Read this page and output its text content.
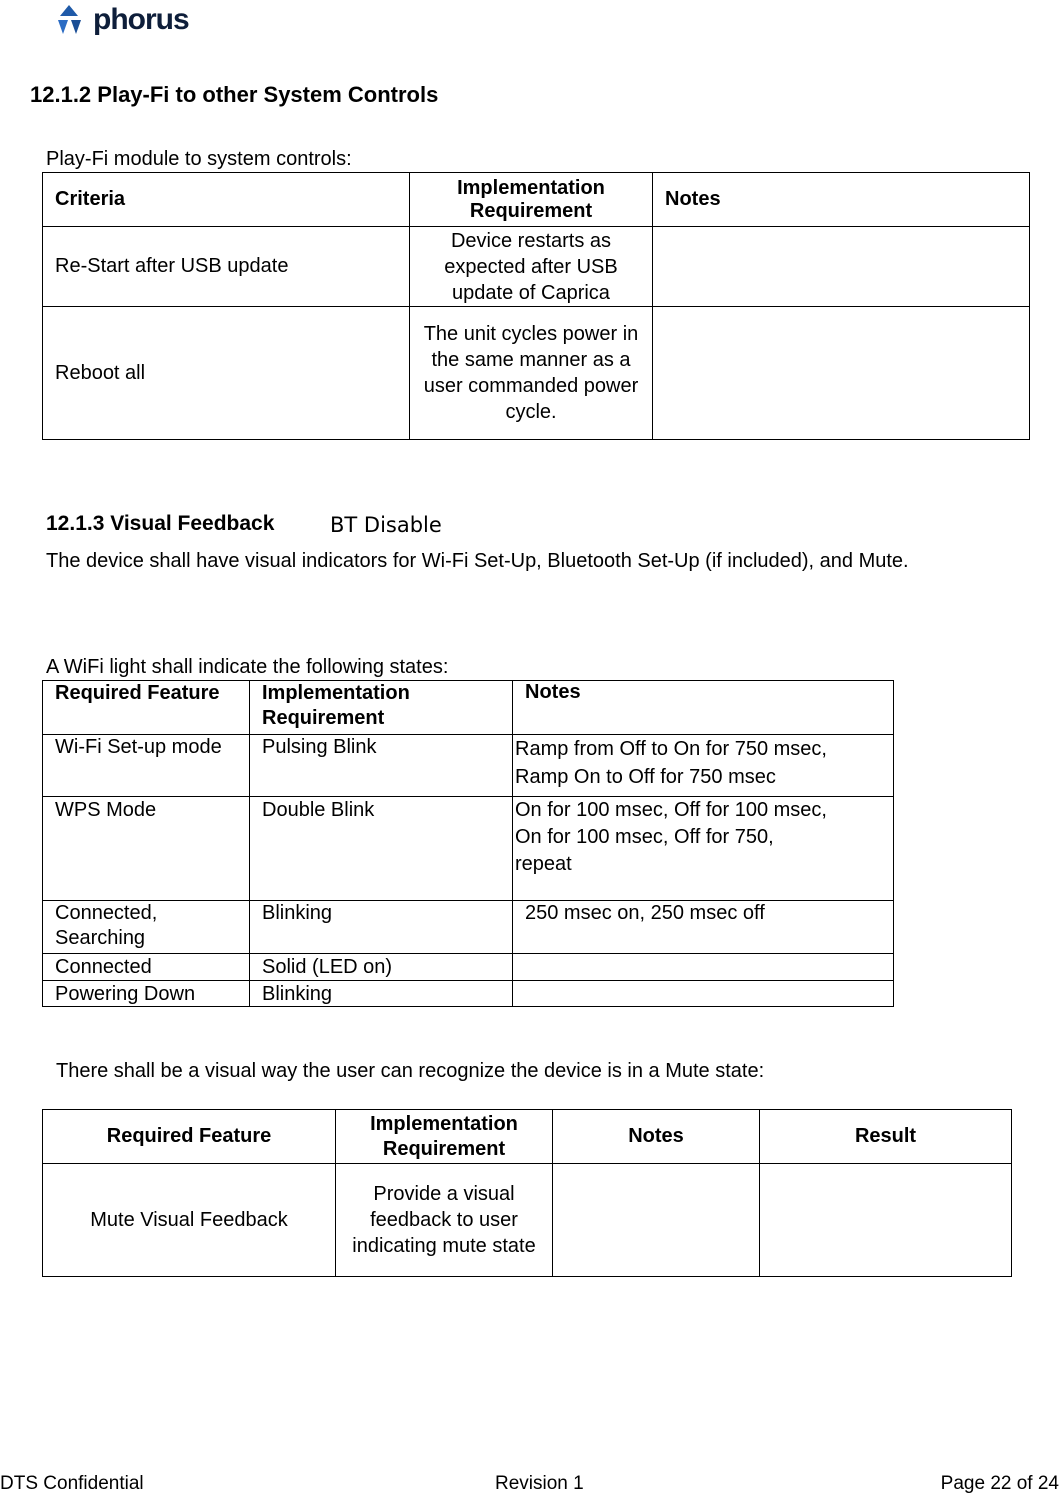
phorus
12.1.2 Play-Fi to other System Controls
Play-Fi module to system controls:
Criteria	Implementation Requirement	Notes
Re-Start after USB update	Device restarts as expected after USB update of Caprica	
Reboot all	The unit cycles power in the same manner as a user commanded power cycle.	
12.1.3 Visual Feedback	BT Disable
The device shall have visual indicators for Wi-Fi Set-Up, Bluetooth Set-Up (if included), and Mute.
A WiFi light shall indicate the following states:
Required Feature	Implementation Requirement	Notes
Wi-Fi Set-up mode	Pulsing Blink	Ramp from Off to On for 750 msec,
Ramp On to Off for 750 msec

WPS Mode	Double Blink	On for 100 msec, Off for 100 msec, On for 100 msec, Off for 750, repeat
Connected, Searching	Blinking	250 msec on, 250 msec off
Connected	Solid (LED on)	
Powering Down	Blinking	
There shall be a visual way the user can recognize the device is in a Mute state:
Required Feature	Implementation Requirement	Notes	Result
Mute Visual Feedback	Provide a visual feedback to user indicating mute state		
DTS Confidential	Revision 1	Page 22 of 24
